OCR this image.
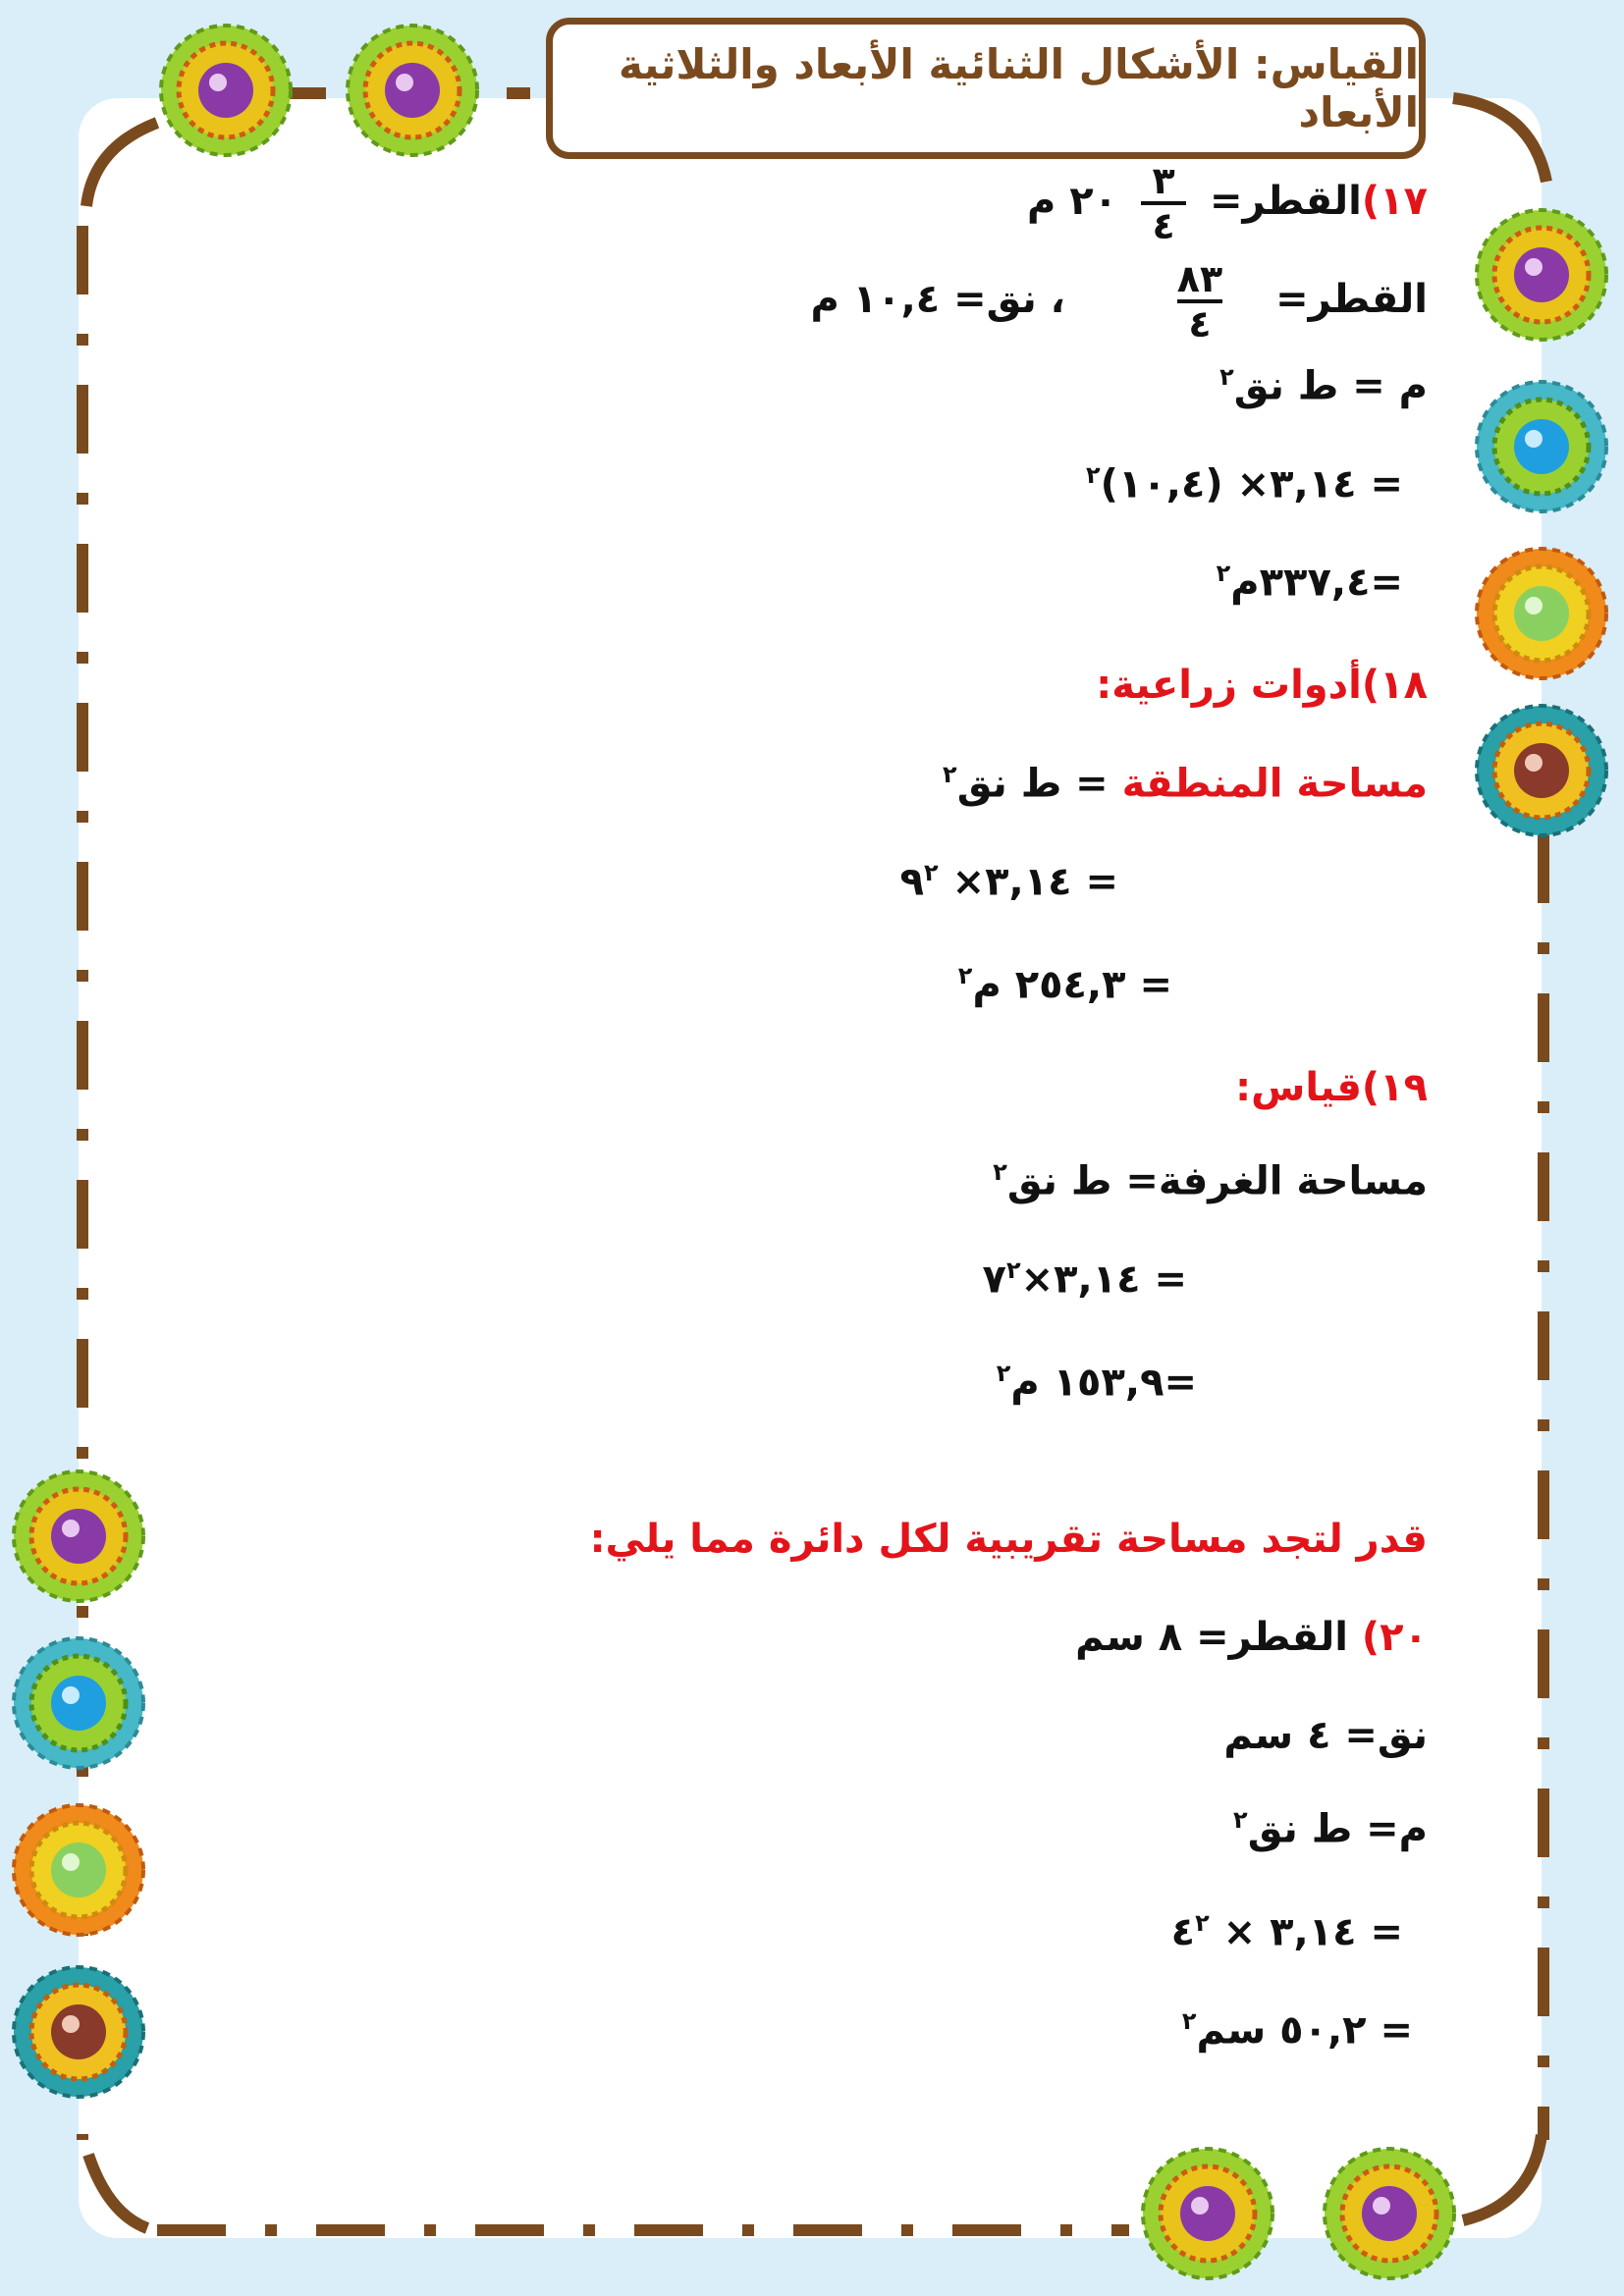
القياس: الأشكال الثنائية الأبعاد والثلاثية الأبعاد
١٧)القطر=
$\frac{٣}{٤}$
٢٠ م
القطر=
$\frac{٨٣}{٤}$
، نق= ١٠,٤ م
م = ط نق$^٢$
= ٣,١٤× (١٠,٤)$^٢$
=٣٣٧,٤م$^٢$
١٨)أدوات زراعية:
مساحة المنطقة = ط نق$^٢$
= ٣,١٤× $٩^٢$
= ٢٥٤,٣ م$^٢$
١٩)قياس:
مساحة الغرفة= ط نق$^٢$
= $٣,١٤\times ٧^٢$
=١٥٣,٩ م$^٢$
قدر لتجد مساحة تقريبية لكل دائرة مما يلي:
٢٠) القطر= ٨ سم
نق= ٤ سم
م= ط نق$^٢$
= ٣,١٤ × $٤^٢$
= ٥٠,٢ سم$^٢$
